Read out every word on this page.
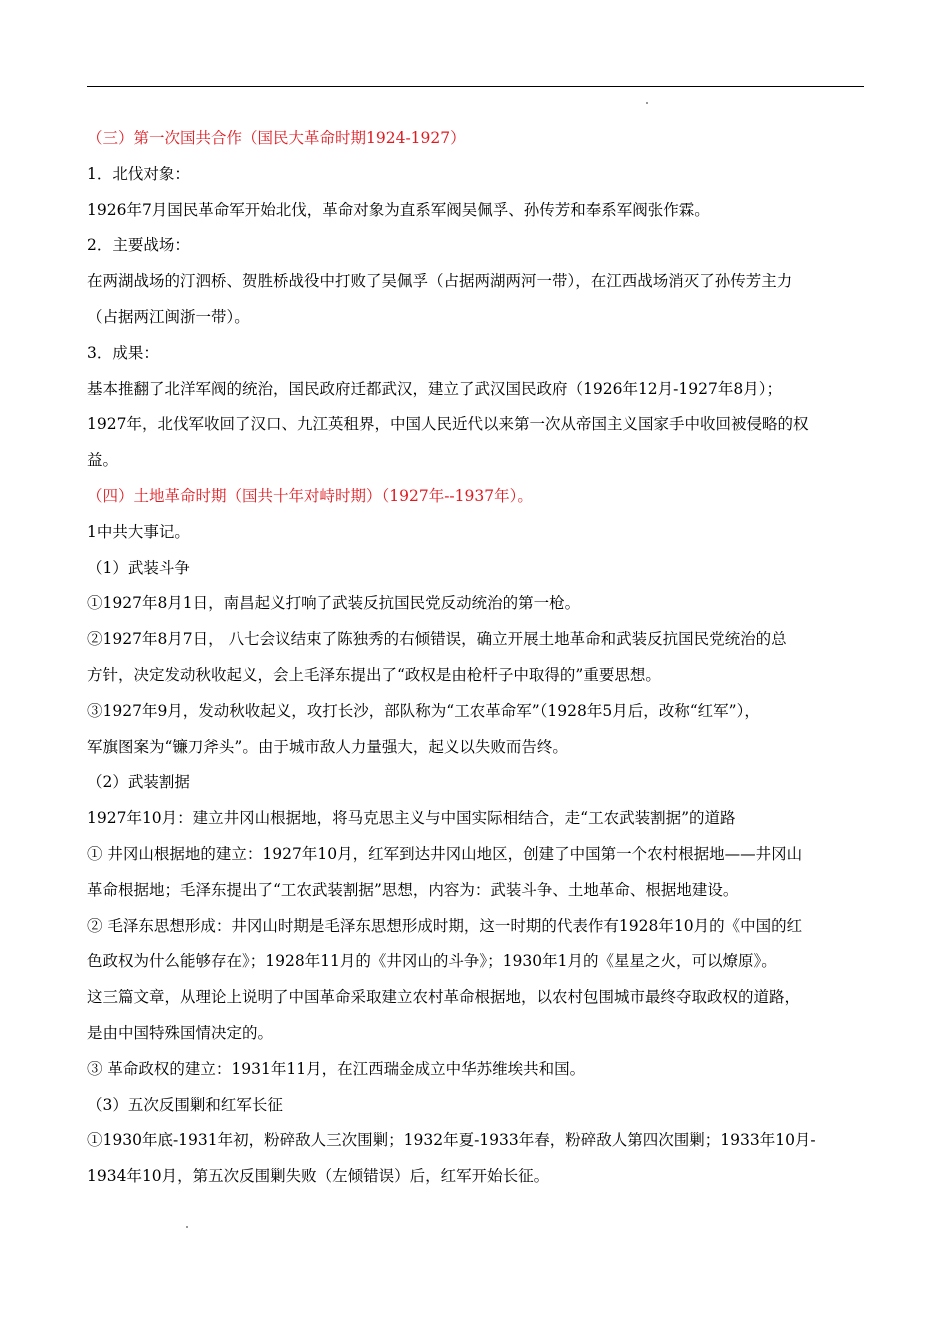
（三）第一次国共合作（国民大革命时期1924-1927）
1．北伐对象：
1926年7月国民革命军开始北伐，革命对象为直系军阀吴佩孚、孙传芳和奉系军阀张作霖。
2．主要战场：
在两湖战场的汀泗桥、贺胜桥战役中打败了吴佩孚（占据两湖两河一带），在江西战场消灭了孙传芳主力
（占据两江闽浙一带）。
3．成果：
基本推翻了北洋军阀的统治，国民政府迁都武汉，建立了武汉国民政府（1926年12月-1927年8月）；
1927年，北伐军收回了汉口、九江英租界，中国人民近代以来第一次从帝国主义国家手中收回被侵略的权
益。
（四）土地革命时期（国共十年对峙时期）（1927年--1937年）。
1中共大事记。
（1）武装斗争
①1927年8月1日，南昌起义打响了武装反抗国民党反动统治的第一枪。
②1927年8月7日， 八七会议结束了陈独秀的右倾错误，确立开展土地革命和武装反抗国民党统治的总
方针，决定发动秋收起义，会上毛泽东提出了“政权是由枪杆子中取得的”重要思想。
③1927年9月，发动秋收起义，攻打长沙，部队称为“工农革命军”（1928年5月后，改称“红军”），
军旗图案为“镰刀斧头”。由于城市敌人力量强大，起义以失败而告终。
（2）武装割据
1927年10月：建立井冈山根据地，将马克思主义与中国实际相结合，走“工农武装割据”的道路
① 井冈山根据地的建立：1927年10月，红军到达井冈山地区，创建了中国第一个农村根据地——井冈山
革命根据地；毛泽东提出了“工农武装割据”思想，内容为：武装斗争、土地革命、根据地建设。
② 毛泽东思想形成：井冈山时期是毛泽东思想形成时期，这一时期的代表作有1928年10月的《中国的红
色政权为什么能够存在》；1928年11月的《井冈山的斗争》；1930年1月的《星星之火，可以燎原》。
这三篇文章，从理论上说明了中国革命采取建立农村革命根据地，以农村包围城市最终夺取政权的道路，
是由中国特殊国情决定的。
③ 革命政权的建立：1931年11月，在江西瑞金成立中华苏维埃共和国。
（3）五次反围剿和红军长征
①1930年底-1931年初，粉碎敌人三次围剿；1932年夏-1933年春，粉碎敌人第四次围剿；1933年10月-
1934年10月，第五次反围剿失败（左倾错误）后，红军开始长征。
